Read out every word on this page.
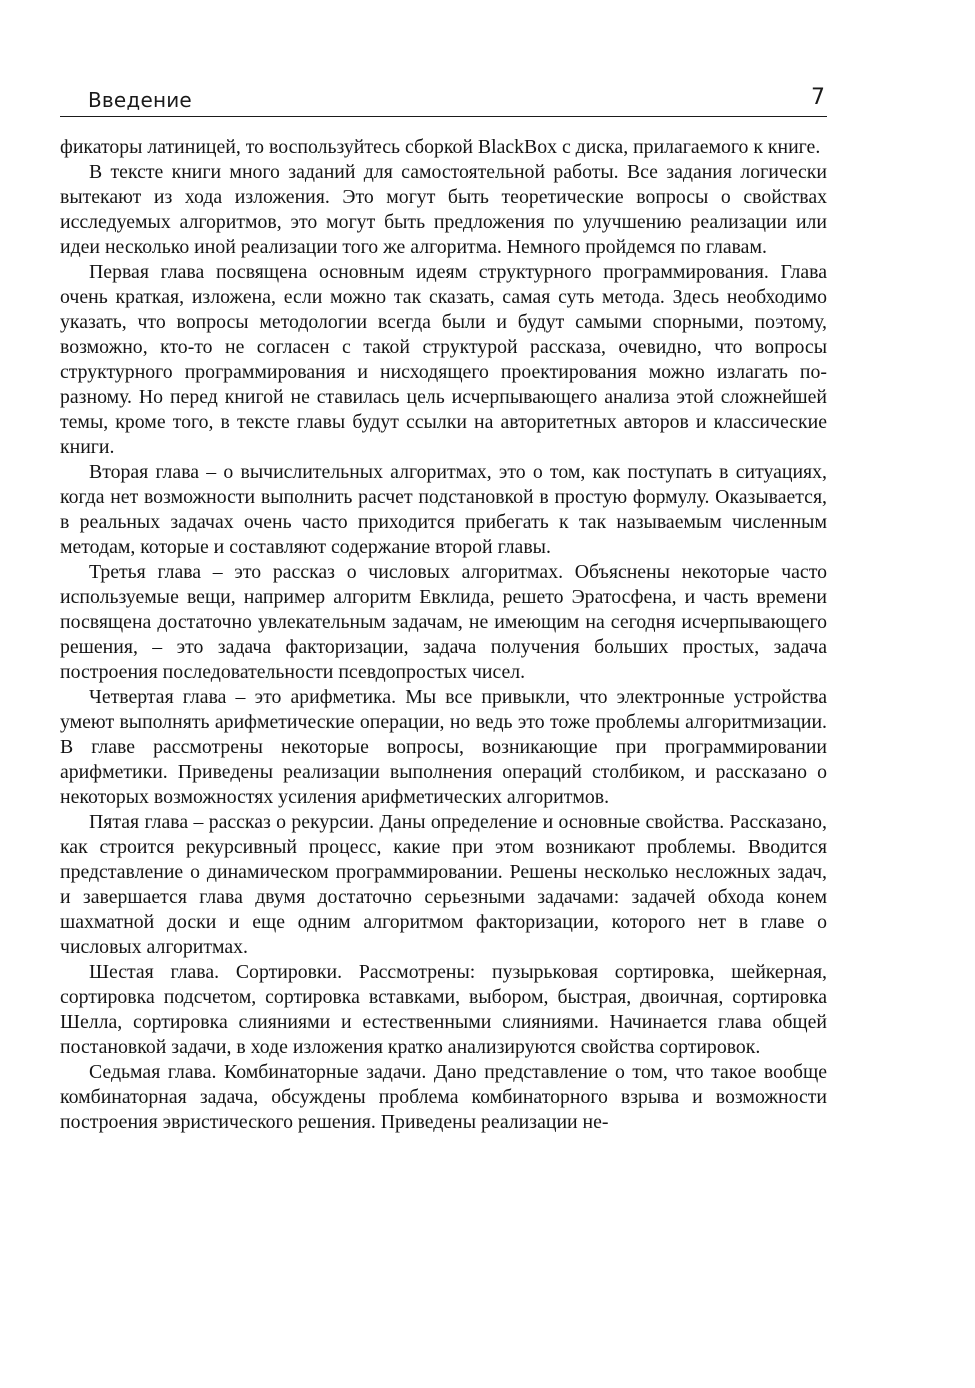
Введение	7

фикаторы латиницей, то воспользуйтесь сборкой BlackBox с диска, прилагаемого к книге.

В тексте книги много заданий для самостоятельной работы. Все задания логически вытекают из хода изложения. Это могут быть теоретические вопросы о свойствах исследуемых алгоритмов, это могут быть предложения по улучшению реализации или идеи несколько иной реализации того же алгоритма. Немного пройдемся по главам.

Первая глава посвящена основным идеям структурного программирования. Глава очень краткая, изложена, если можно так сказать, самая суть метода. Здесь необходимо указать, что вопросы методологии всегда были и будут самыми спорными, поэтому, возможно, кто-то не согласен с такой структурой рассказа, очевидно, что вопросы структурного программирования и нисходящего проектирования можно излагать по-разному. Но перед книгой не ставилась цель исчерпывающего анализа этой сложнейшей темы, кроме того, в тексте главы будут ссылки на авторитетных авторов и классические книги.

Вторая глава – о вычислительных алгоритмах, это о том, как поступать в ситуациях, когда нет возможности выполнить расчет подстановкой в простую формулу. Оказывается, в реальных задачах очень часто приходится прибегать к так называемым численным методам, которые и составляют содержание второй главы.

Третья глава – это рассказ о числовых алгоритмах. Объяснены некоторые часто используемые вещи, например алгоритм Евклида, решето Эратосфена, и часть времени посвящена достаточно увлекательным задачам, не имеющим на сегодня исчерпывающего решения, – это задача факторизации, задача получения больших простых, задача построения последовательности псевдопростых чисел.

Четвертая глава – это арифметика. Мы все привыкли, что электронные устройства умеют выполнять арифметические операции, но ведь это тоже проблемы алгоритмизации. В главе рассмотрены некоторые вопросы, возникающие при программировании арифметики. Приведены реализации выполнения операций столбиком, и рассказано о некоторых возможностях усиления арифметических алгоритмов.

Пятая глава – рассказ о рекурсии. Даны определение и основные свойства. Рассказано, как строится рекурсивный процесс, какие при этом возникают проблемы. Вводится представление о динамическом программировании. Решены несколько несложных задач, и завершается глава двумя достаточно серьезными задачами: задачей обхода конем шахматной доски и еще одним алгоритмом факторизации, которого нет в главе о числовых алгоритмах.

Шестая глава. Сортировки. Рассмотрены: пузырьковая сортировка, шейкерная, сортировка подсчетом, сортировка вставками, выбором, быстрая, двоичная, сортировка Шелла, сортировка слияниями и естественными слияниями. Начинается глава общей постановкой задачи, в ходе изложения кратко анализируются свойства сортировок.

Седьмая глава. Комбинаторные задачи. Дано представление о том, что такое вообще комбинаторная задача, обсуждены проблема комбинаторного взрыва и возможности построения эвристического решения. Приведены реализации не-
